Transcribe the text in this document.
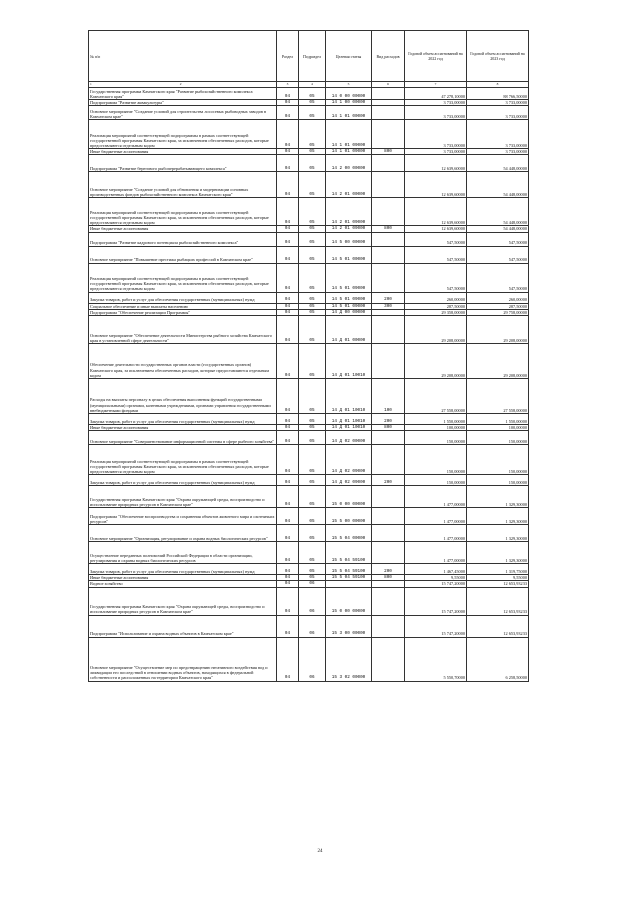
№ п/п	Раздел	Подраздел	Целевая статья	Вид расходов	Годовой объем ассигнований на 2022 год	Годовой объем ассигнований на 2023 год
1 2	3	4	5	6	7	8
Государственная программа Камчатского края "Развитие рыбохозяйственного комплекса Камчатского края"	04	05	14 0 00 00000		47 278,10000	88 766,50000
Подпрограмма "Развитие аквакультуры"	04	05	14 1 00 00000		3 733,00000	3 733,00000
Основное мероприятие "Создание условий для строительства лососевых рыбоводных заводов в Камчатском крае"	04	05	14 1 01 00000		3 733,00000	3 733,00000
Реализация мероприятий соответствующей подпрограммы в рамках соответствующей государственной программы Камчатского края, за исключением обеспеченных расходов, которые предоставляются отдельным кодом	04	05	14 1 01 09000		3 733,00000	3 733,00000
Иные бюджетные ассигнования	04	05	14 1 01 09000	800	3 733,00000	3 733,00000
Подпрограмма "Развитие берегового рыбоперерабатывающего комплекса"	04	05	14 2 00 00000		12 639,60000	54 448,00000
Основное мероприятие "Создание условий для обновления и модернизации основных производственных фондов рыбохозяйственного комплекса Камчатского края"	04	05	14 2 01 00000		12 639,60000	54 448,00000
Реализация мероприятий соответствующей подпрограммы в рамках соответствующей государственной программы Камчатского края, за исключением обеспеченных расходов, которые предоставляются отдельным кодом	04	05	14 2 01 09000		12 639,60000	54 448,00000
Иные бюджетные ассигнования	04	05	14 2 01 09000	800	12 639,60000	54 448,00000
Подпрограмма "Развитие кадрового потенциала рыбохозяйственного комплекса"	04	05	14 5 00 00000		547,50000	547,50000
Основное мероприятие "Повышение престижа рыбацких профессий в Камчатском крае"	04	05	14 5 01 00000		547,50000	547,50000
Реализация мероприятий соответствующей подпрограммы в рамках соответствующей государственной программы Камчатского края, за исключением обеспеченных расходов, которые предоставляются отдельным кодом	04	05	14 5 01 09000		547,50000	547,50000
Закупка товаров, работ и услуг для обеспечения государственных (муниципальных) нужд	04	05	14 5 01 09000	200	260,00000	260,00000
Социальное обеспечение и иные выплаты населению	04	05	14 5 01 09000	300	287,50000	287,50000
Подпрограмма "Обеспечение реализации Программы"	04	05	14 Д 00 00000		29 358,00000	29 758,00000
Основное мероприятие "Обеспечение деятельности Министерства рыбного хозяйства Камчатского края в установленной сфере деятельности"	04	05	14 Д 01 00000		29 208,00000	29 208,00000
Обеспечение деятельности государственных органов власти (государственных органов) Камчатского края, за исключением обеспеченных расходов, которые предоставляются отдельным кодом	04	05	14 Д 01 10010		29 208,00000	29 208,00000
Расходы на выплаты персоналу в целях обеспечения выполнения функций государственными (муниципальными) органами, казенными учреждениями, органами управления государственными внебюджетными фондами	04	05	14 Д 01 10010	100	27 558,00000	27 558,00000
Закупка товаров, работ и услуг для обеспечения государственных (муниципальных) нужд	04	05	14 Д 01 10010	200	1 550,00000	1 550,00000
Иные бюджетные ассигнования	04	05	14 Д 01 10010	800	100,00000	100,00000
Основное мероприятие "Совершенствование информационной системы в сфере рыбного хозяйства"	04	05	14 Д 02 00000		150,00000	150,00000
Реализация мероприятий соответствующей подпрограммы в рамках соответствующей государственной программы Камчатского края, за исключением обеспеченных расходов, которые предоставляются отдельным кодом	04	05	14 Д 02 09000		150,00000	150,00000
Закупка товаров, работ и услуг для обеспечения государственных (муниципальных) нужд	04	05	14 Д 02 09000	200	150,00000	150,00000
Государственная программа Камчатского края "Охрана окружающей среды, воспроизводство и использование природных ресурсов в Камчатском крае"	04	05	15 0 00 00000		1 477,00000	1 329,30000
Подпрограмма "Обеспечение воспроизводства и сохранения объектов животного мира и охотничьих ресурсов"	04	05	15 5 00 00000		1 477,00000	1 329,30000
Основное мероприятие "Организация, регулирование и охрана водных биологических ресурсов"	04	05	15 5 04 00000		1 477,00000	1 329,30000
Осуществление переданных полномочий Российской Федерации в области организации, регулирования и охраны водных биологических ресурсов	04	05	15 5 04 59100		1 477,00000	1 329,30000
Закупка товаров, работ и услуг для обеспечения государственных (муниципальных) нужд	04	05	15 5 04 59100	200	1 467,45000	1 319,75000
Иные бюджетные ассигнования	04	05	15 5 04 59100	800	9,55000	9,55000
Водное хозяйство	04	06			15 747,20000	12 653,93233
Государственная программа Камчатского края "Охрана окружающей среды, воспроизводство и использование природных ресурсов в Камчатском крае"	04	06	15 0 00 00000		15 747,20000	12 653,93233
Подпрограмма "Использование и охрана водных объектов в Камчатском крае"	04	06	15 3 00 00000		15 747,20000	12 653,93233
Основное мероприятие "Осуществление мер по предотвращению негативного воздействия вод и ликвидации его последствий в отношении водных объектов, находящихся в федеральной собственности и расположенных на территории Камчатского края"	04	06	15 3 02 00000		5 550,70000	6 258,50000
24
